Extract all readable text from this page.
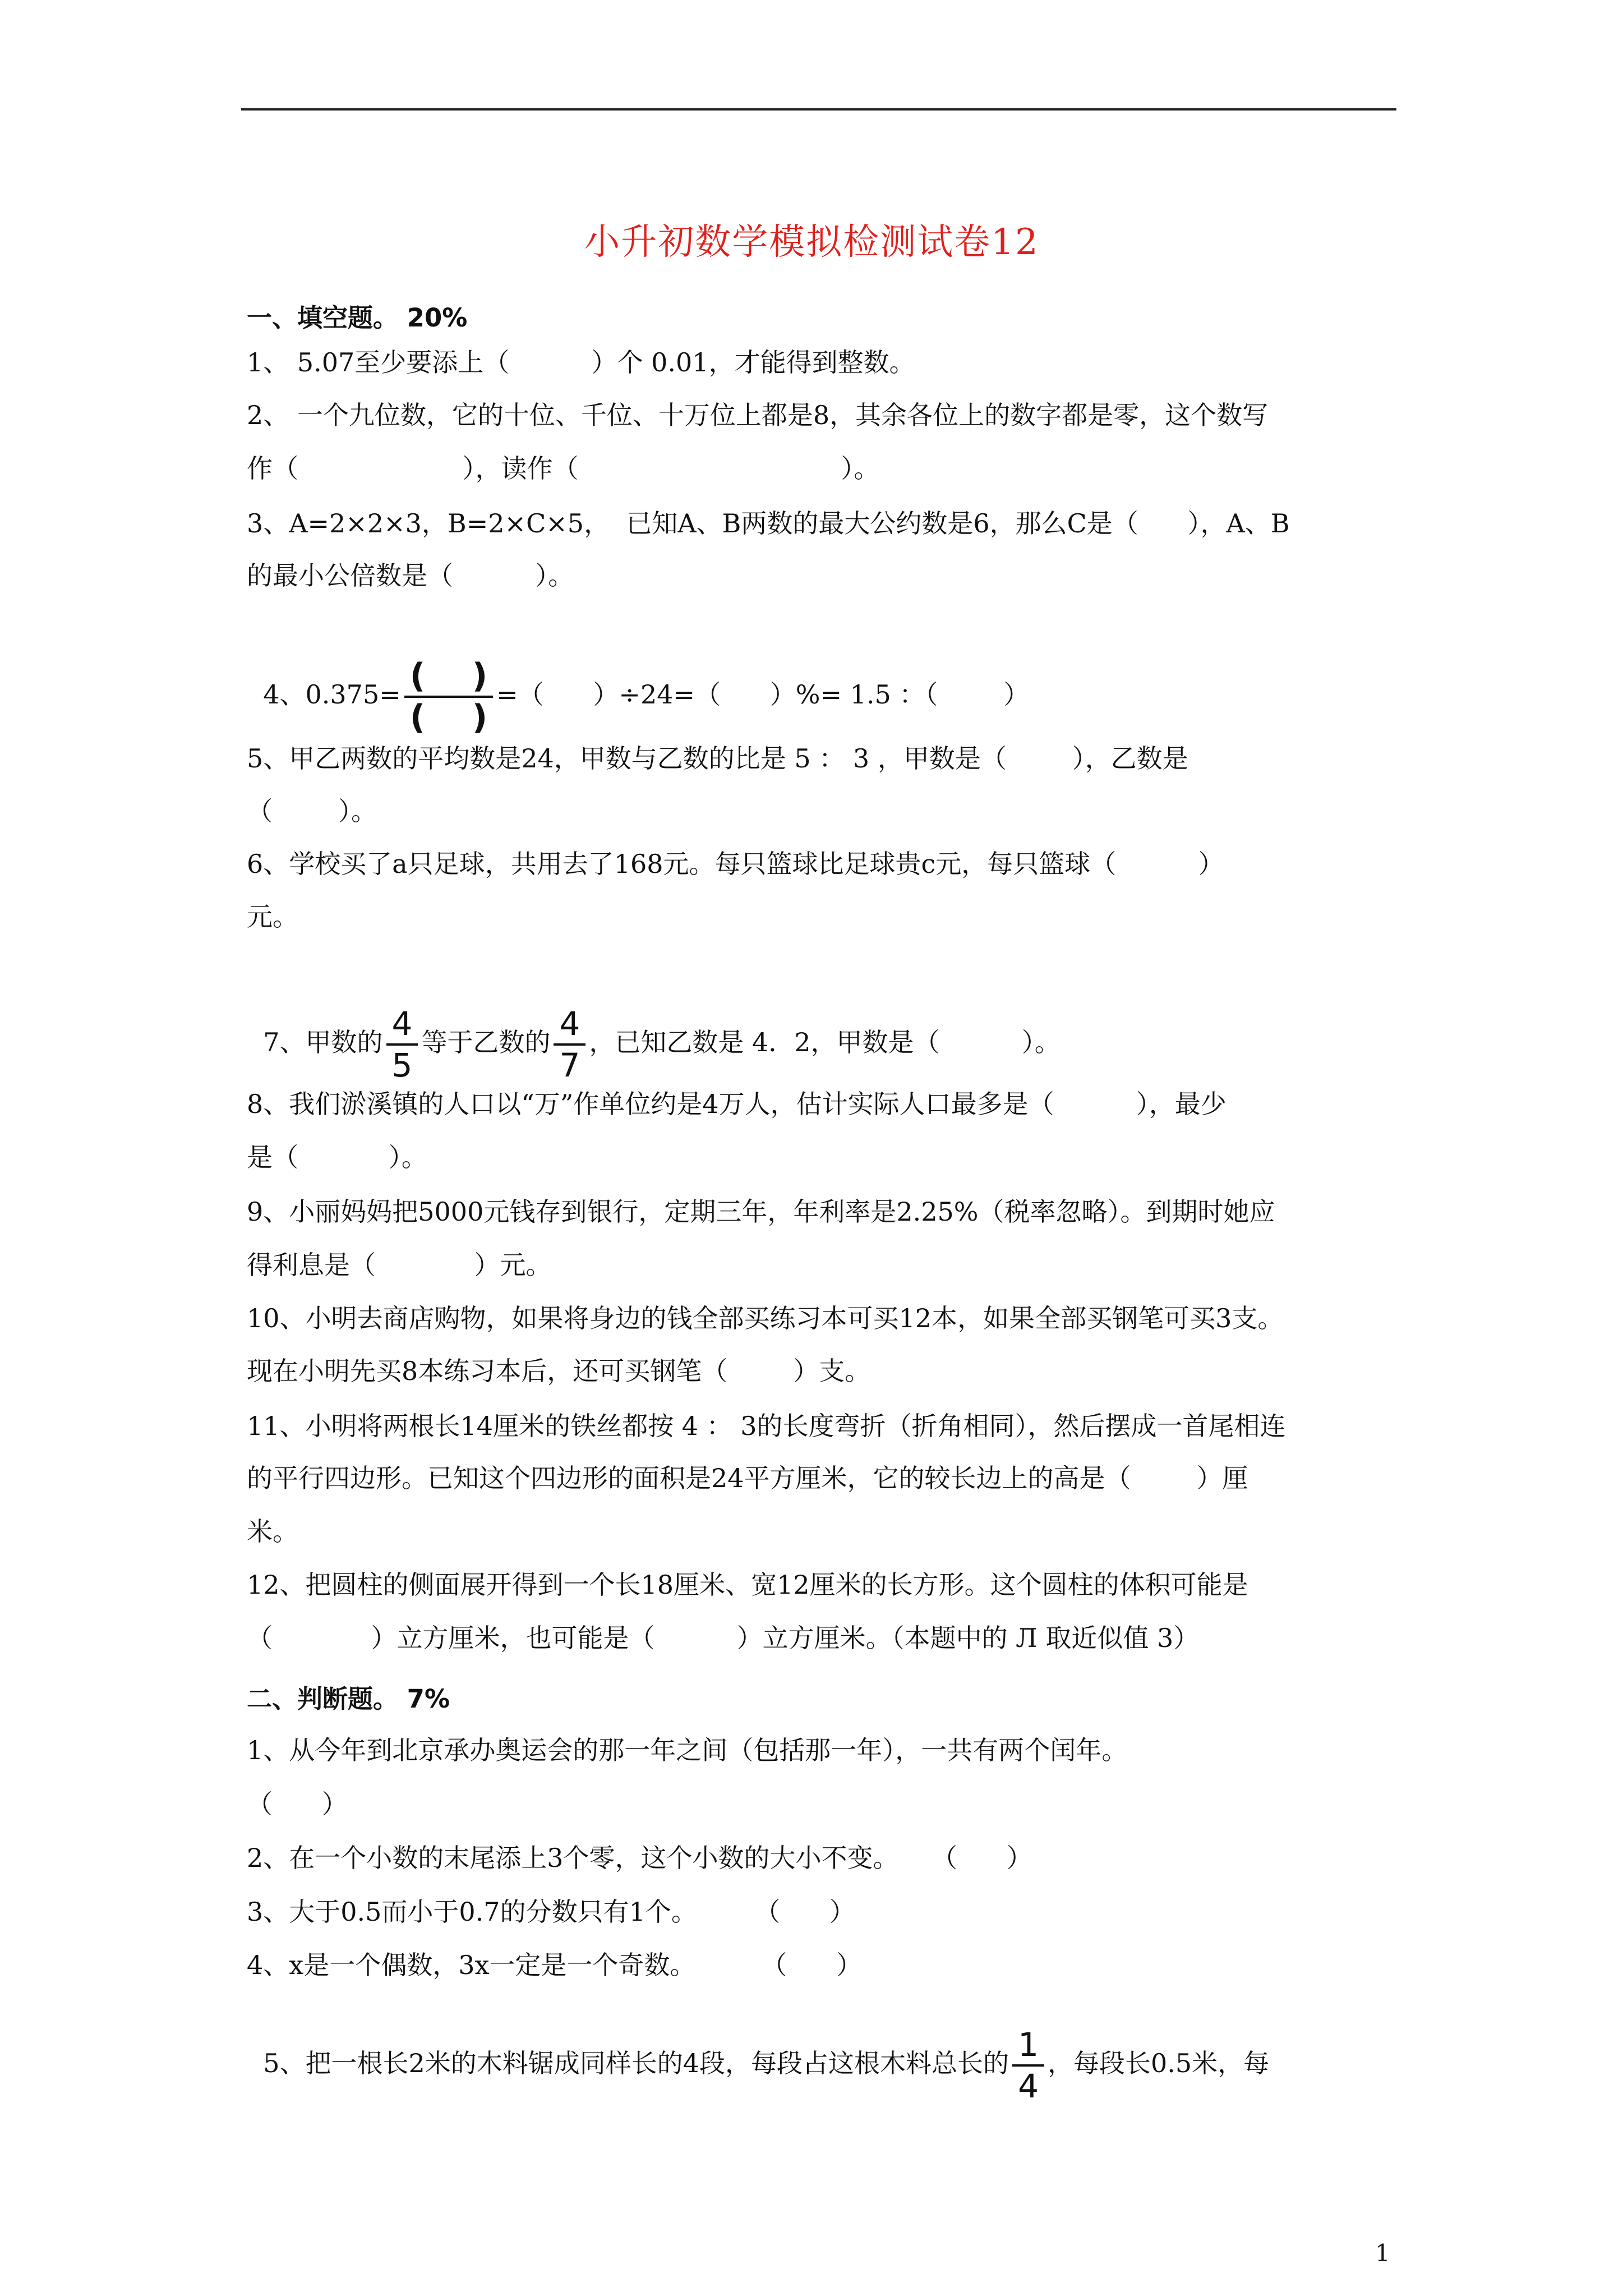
小升初数学模拟检测试卷12
一、填空题。 20%
1、 5.07至少要添上（          ）个 0.01，才能得到整数。
2、 一个九位数，它的十位、千位、十万位上都是8，其余各位上的数字都是零，这个数写
作（                    ），读作（                                ）。
3、A=2×2×3，B=2×C×5，  已知A、B两数的最大公约数是6，那么C是（      ），A、B
的最小公倍数是（          ）。

4、$0.375= \frac{( )}{( )}$ =（      ）÷24=（      ）%= 1.5 ：（        ）

5、甲乙两数的平均数是24，甲数与乙数的比是 5 ： 3 ，甲数是（        ），乙数是
（        ）。
6、学校买了a只足球，共用去了168元。每只篮球比足球贵c元，每只篮球（          ）
元。

7、甲数的 $\frac{4}{5}$ 等于乙数的 $\frac{4}{7}$ ，已知乙数是 4．2，甲数是（          ）。

8、我们淤溪镇的人口以“万”作单位约是4万人，估计实际人口最多是（          ），最少
是（           ）。
9、小丽妈妈把5000元钱存到银行，定期三年，年利率是2.25%（税率忽略）。到期时她应
得利息是（            ）元。
10、小明去商店购物，如果将身边的钱全部买练习本可买12本，如果全部买钢笔可买3支。
现在小明先买8本练习本后，还可买钢笔（        ）支。
11、小明将两根长14厘米的铁丝都按 4 ： 3的长度弯折（折角相同），然后摆成一首尾相连
的平行四边形。已知这个四边形的面积是24平方厘米，它的较长边上的高是（        ）厘
米。
12、把圆柱的侧面展开得到一个长18厘米、宽12厘米的长方形。这个圆柱的体积可能是
（            ）立方厘米，也可能是（          ）立方厘米。（本题中的 Л 取近似值 3）
二、判断题。 7%
1、从今年到北京承办奥运会的那一年之间（包括那一年），一共有两个闰年。
（      ）
2、在一个小数的末尾添上3个零，这个小数的大小不变。    （      ）
3、大于0.5而小于0.7的分数只有1个。       （      ）
4、x是一个偶数，3x一定是一个奇数。        （      ）

5、把一根长2米的木料锯成同样长的4段，每段占这根木料总长的 $\frac{1}{4}$ ，每段长0.5米，每

1
